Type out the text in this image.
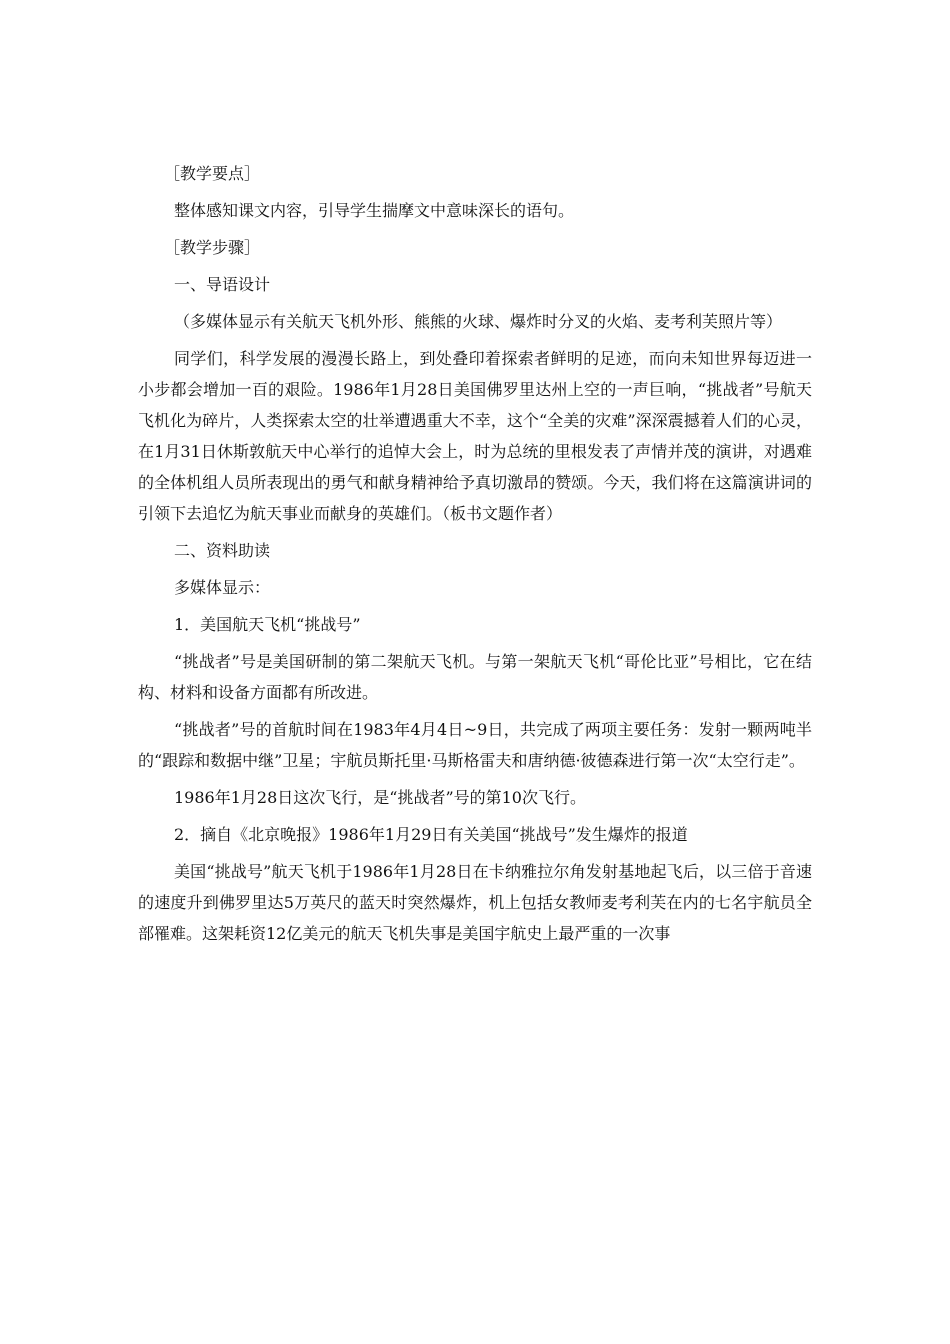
［教学要点］

整体感知课文内容，引导学生揣摩文中意味深长的语句。

［教学步骤］

一、导语设计

（多媒体显示有关航天飞机外形、熊熊的火球、爆炸时分叉的火焰、麦考利芙照片等）

同学们，科学发展的漫漫长路上，到处叠印着探索者鲜明的足迹，而向未知世界每迈进一小步都会增加一百的艰险。1986年1月28日美国佛罗里达州上空的一声巨响，“挑战者”号航天飞机化为碎片，人类探索太空的壮举遭遇重大不幸，这个“全美的灾难”深深震撼着人们的心灵，在1月31日休斯敦航天中心举行的追悼大会上，时为总统的里根发表了声情并茂的演讲，对遇难的全体机组人员所表现出的勇气和献身精神给予真切激昂的赞颂。今天，我们将在这篇演讲词的引领下去追忆为航天事业而献身的英雄们。（板书文题作者）

二、资料助读

多媒体显示：

1．美国航天飞机“挑战号”

“挑战者”号是美国研制的第二架航天飞机。与第一架航天飞机“哥伦比亚”号相比，它在结构、材料和设备方面都有所改进。

“挑战者”号的首航时间在1983年4月4日~9日，共完成了两项主要任务：发射一颗两吨半的“跟踪和数据中继”卫星；宇航员斯托里·马斯格雷夫和唐纳德·彼德森进行第一次“太空行走”。

1986年1月28日这次飞行，是“挑战者”号的第10次飞行。

2．摘自《北京晚报》1986年1月29日有关美国“挑战号”发生爆炸的报道

美国“挑战号”航天飞机于1986年1月28日在卡纳雅拉尔角发射基地起飞后，以三倍于音速的速度升到佛罗里达5万英尺的蓝天时突然爆炸，机上包括女教师麦考利芙在内的七名宇航员全部罹难。这架耗资12亿美元的航天飞机失事是美国宇航史上最严重的一次事
